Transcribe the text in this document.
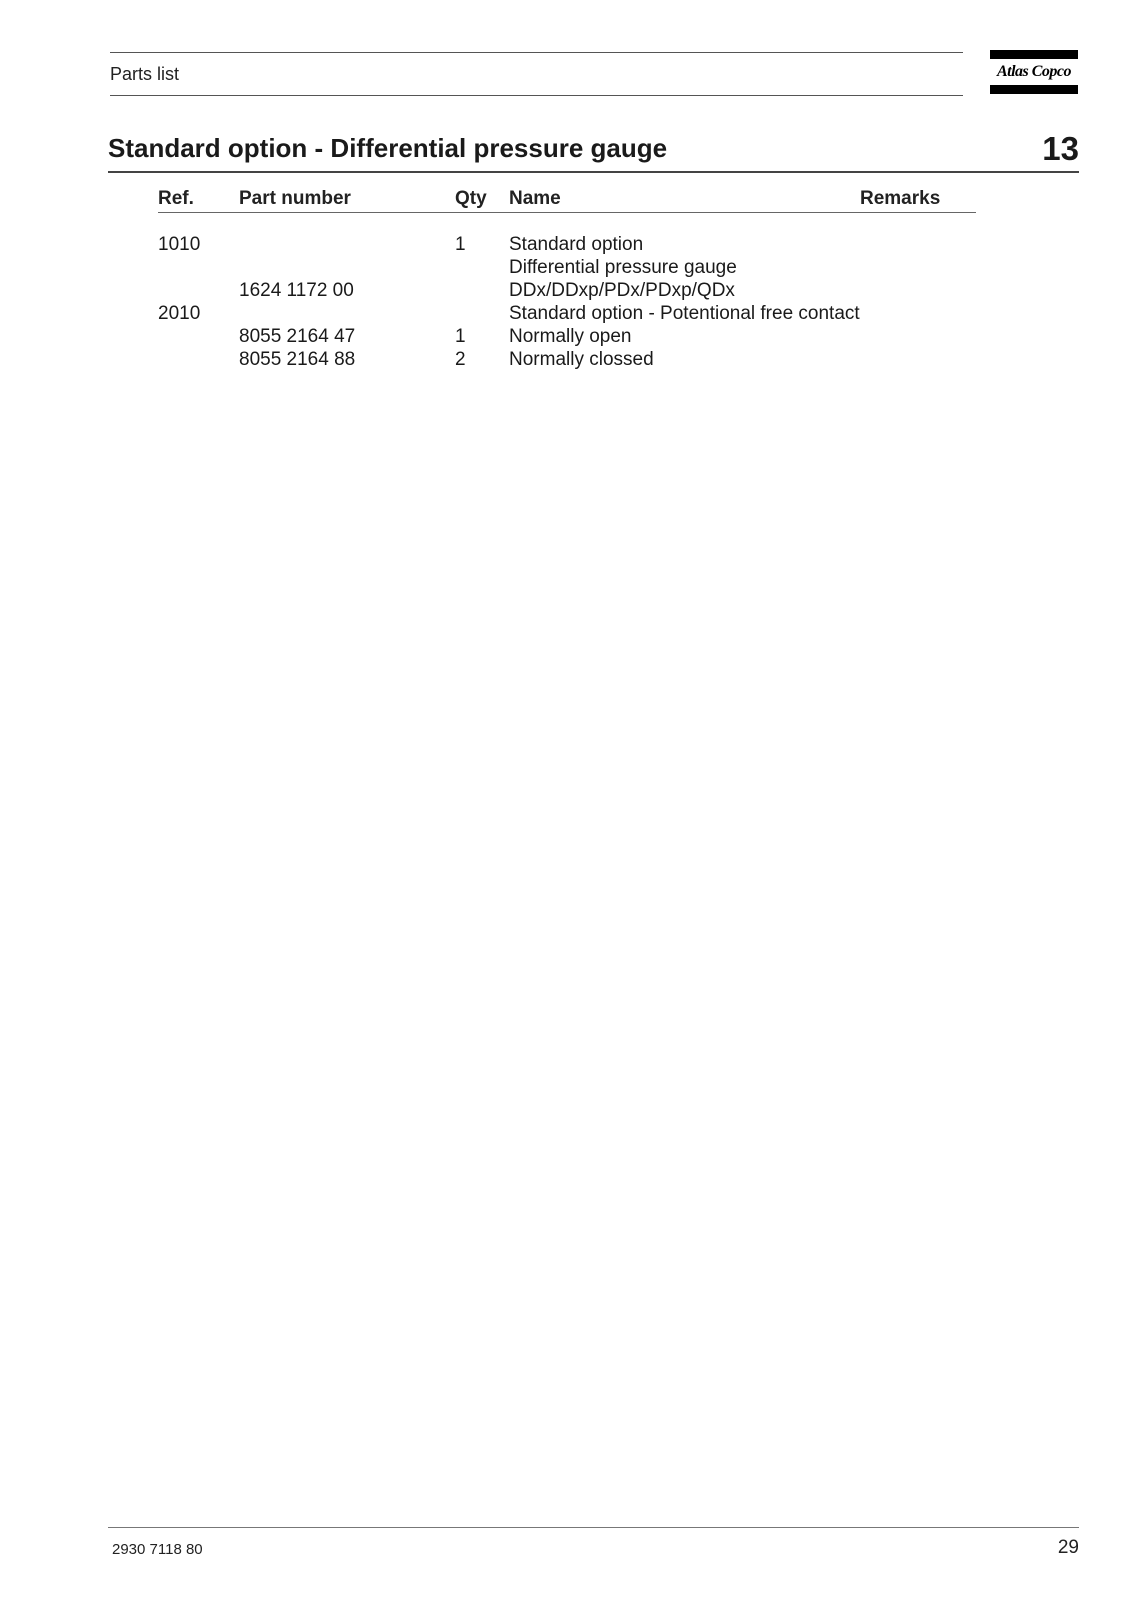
Parts list	Atlas Copco
Standard option - Differential pressure gauge	13
Ref. Part number	Qty Name	Remarks
1010	1 Standard option
Differential pressure gauge
1624 1172 00	DDx/DDxp/PDx/PDxp/QDx
2010	Standard option - Potentional free contact
8055 2164 47	1 Normally open
8055 2164 88	2 Normally clossed
2930 7118 80	29
